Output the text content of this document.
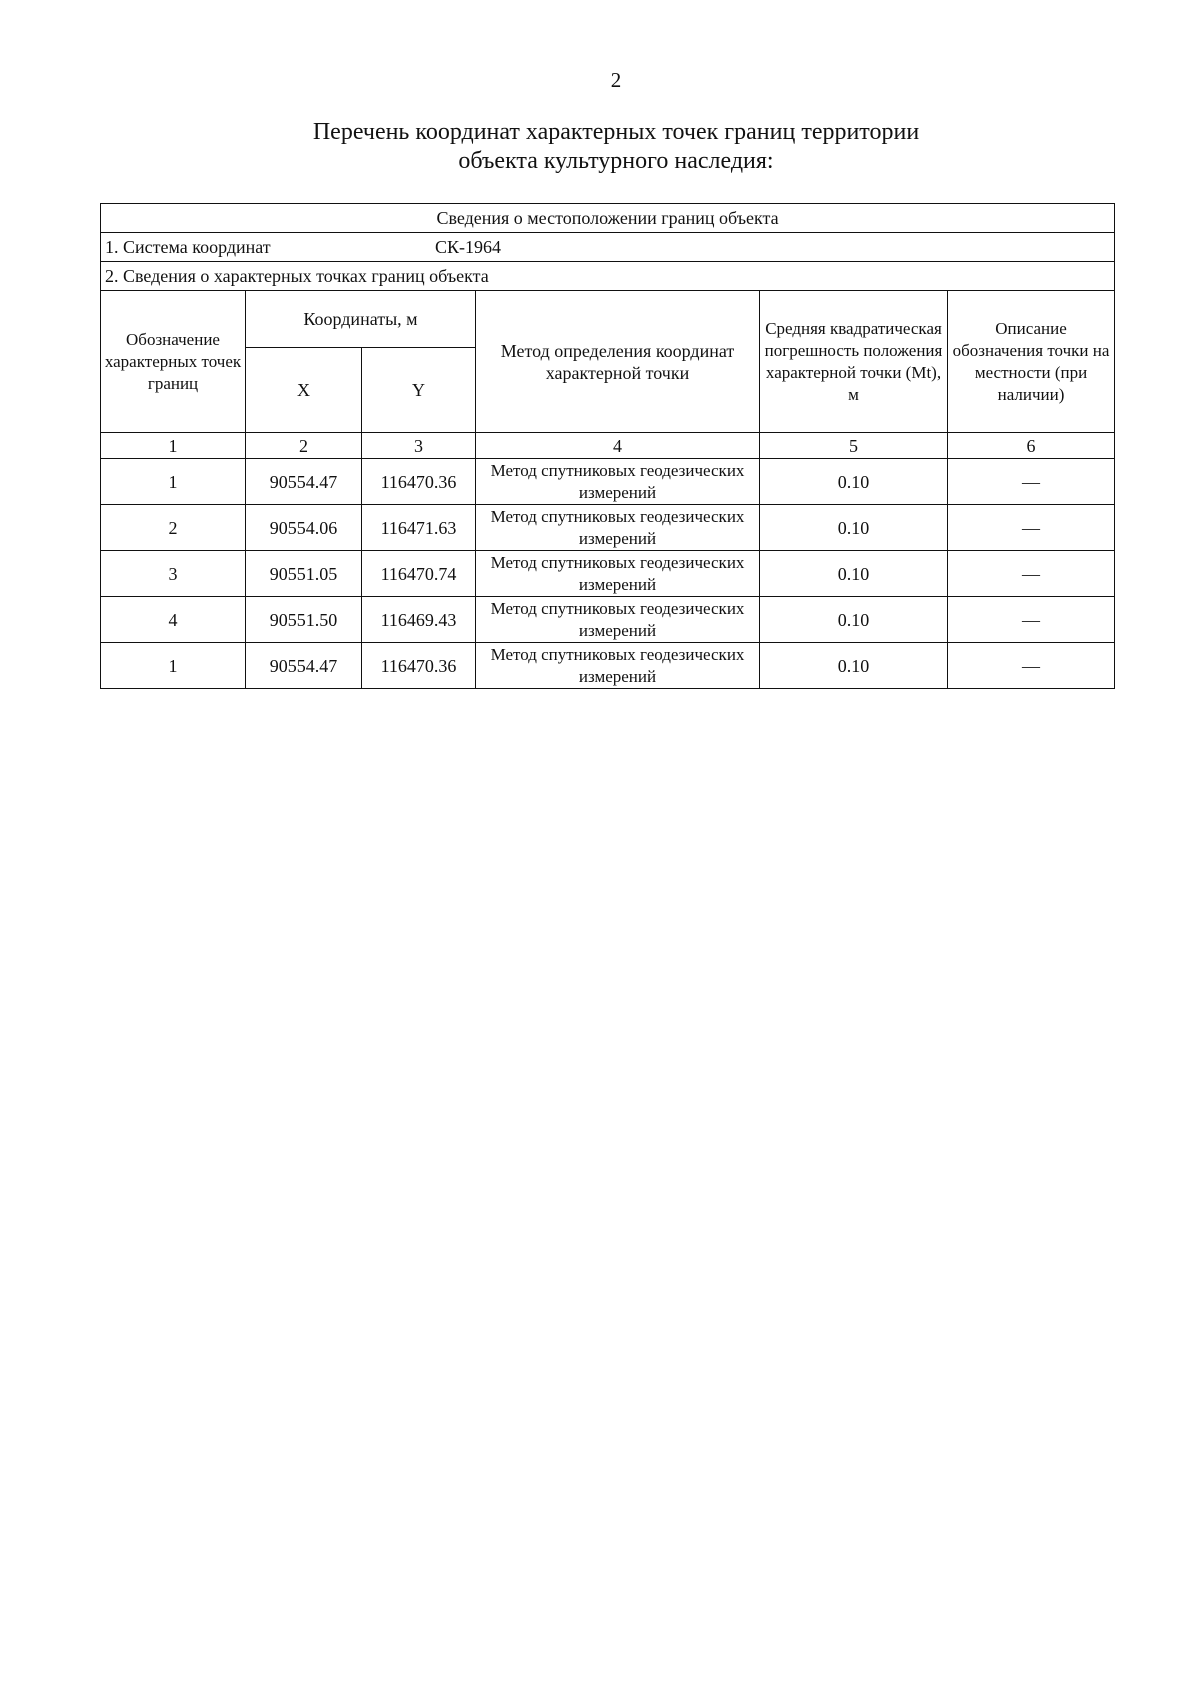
2
Перечень координат характерных точек границ территории
объекта культурного наследия:
Сведения о местоположении границ объекта					
1. Система координат СК-1964					
2. Сведения о характерных точках границ объекта					
Обозначение характерных точек границ	Координаты, м		Метод определения координат характерной точки	Средняя квадратическая погрешность положения характерной точки (Mt), м	Описание обозначения точки на местности (при наличии)
	X	Y			
1	2	3	4	5	6
1	90554.47	116470.36	Метод спутниковых геодезических измерений	0.10	—
2	90554.06	116471.63	Метод спутниковых геодезических измерений	0.10	—
3	90551.05	116470.74	Метод спутниковых геодезических измерений	0.10	—
4	90551.50	116469.43	Метод спутниковых геодезических измерений	0.10	—
1	90554.47	116470.36	Метод спутниковых геодезических измерений	0.10	—
